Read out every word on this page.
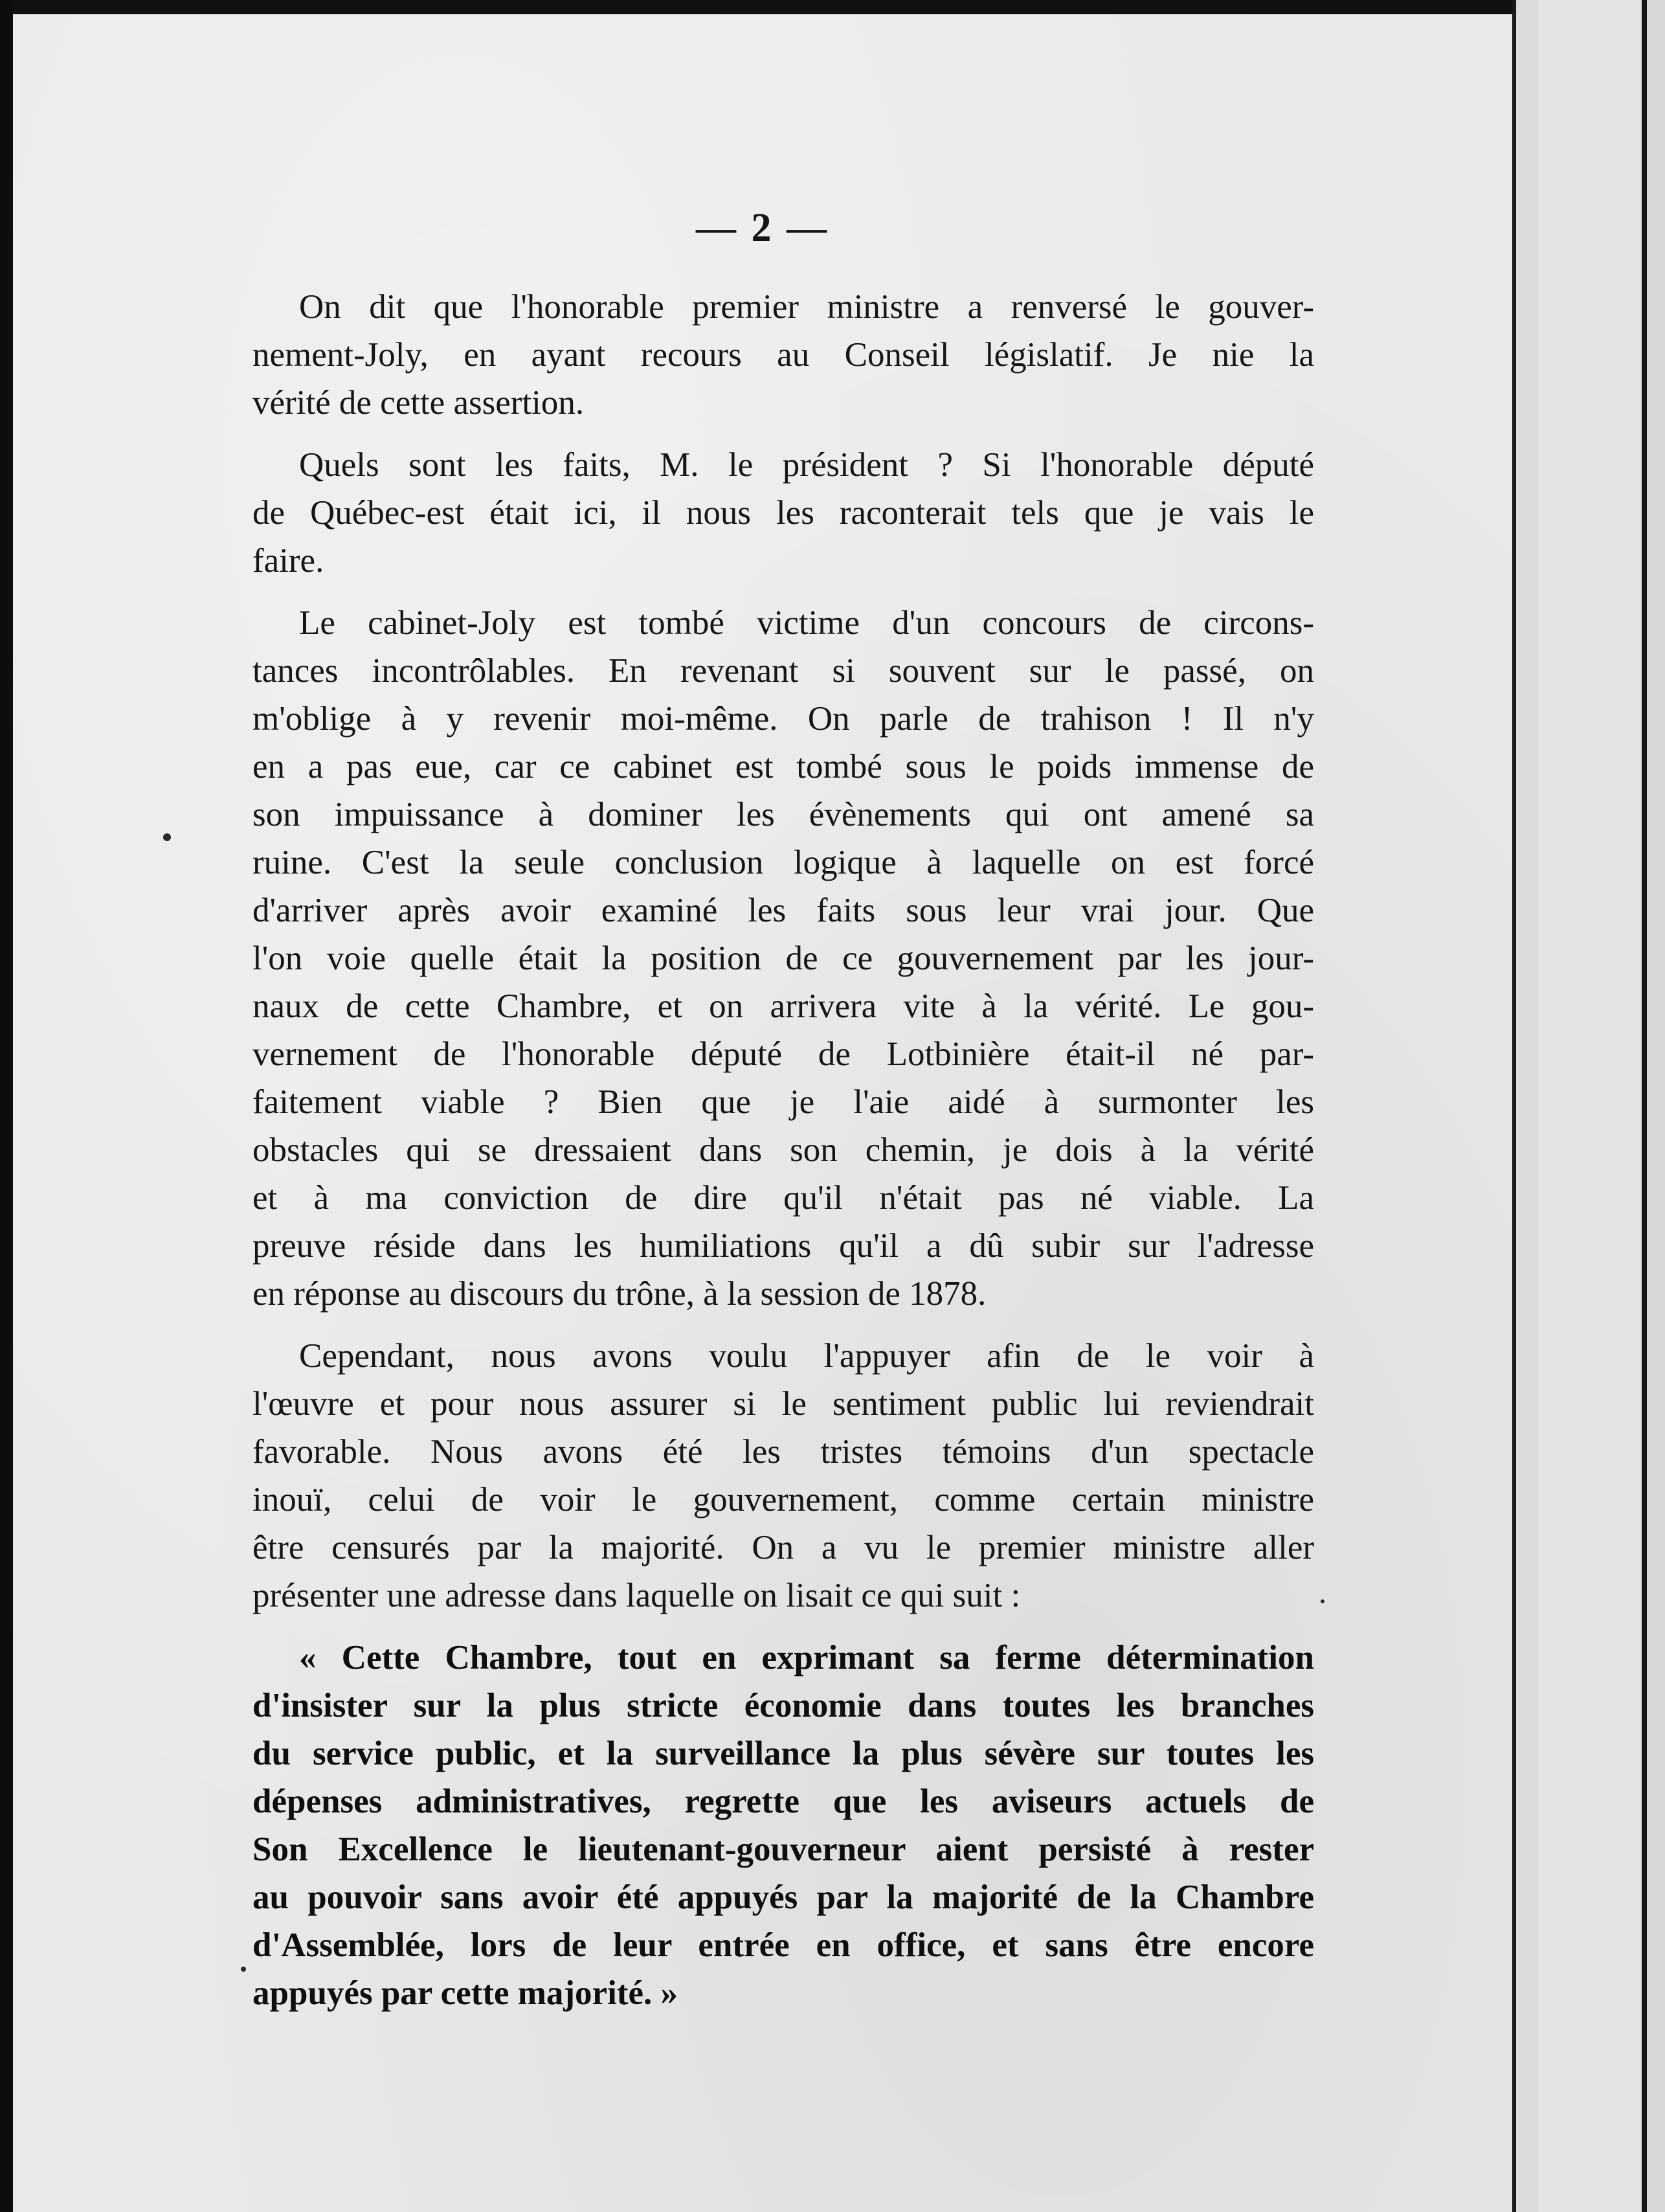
— 2 —

On dit que l'honorable premier ministre a renversé le gouver-
nement-Joly, en ayant recours au Conseil législatif. Je nie la
vérité de cette assertion.
Quels sont les faits, M. le président ? Si l'honorable député
de Québec-est était ici, il nous les raconterait tels que je vais le
faire.
Le cabinet-Joly est tombé victime d'un concours de circons-
tances incontrôlables. En revenant si souvent sur le passé, on
m'oblige à y revenir moi-même. On parle de trahison ! Il n'y
en a pas eue, car ce cabinet est tombé sous le poids immense de
son impuissance à dominer les évènements qui ont amené sa
ruine. C'est la seule conclusion logique à laquelle on est forcé
d'arriver après avoir examiné les faits sous leur vrai jour. Que
l'on voie quelle était la position de ce gouvernement par les jour-
naux de cette Chambre, et on arrivera vite à la vérité. Le gou-
vernement de l'honorable député de Lotbinière était-il né par-
faitement viable ? Bien que je l'aie aidé à surmonter les
obstacles qui se dressaient dans son chemin, je dois à la vérité
et à ma conviction de dire qu'il n'était pas né viable. La
preuve réside dans les humiliations qu'il a dû subir sur l'adresse
en réponse au discours du trône, à la session de 1878.
Cependant, nous avons voulu l'appuyer afin de le voir à
l'œuvre et pour nous assurer si le sentiment public lui reviendrait
favorable. Nous avons été les tristes témoins d'un spectacle
inouï, celui de voir le gouvernement, comme certain ministre
être censurés par la majorité. On a vu le premier ministre aller
présenter une adresse dans laquelle on lisait ce qui suit :
« Cette Chambre, tout en exprimant sa ferme détermination
d'insister sur la plus stricte économie dans toutes les branches
du service public, et la surveillance la plus sévère sur toutes les
dépenses administratives, regrette que les aviseurs actuels de
Son Excellence le lieutenant-gouverneur aient persisté à rester
au pouvoir sans avoir été appuyés par la majorité de la Chambre
d'Assemblée, lors de leur entrée en office, et sans être encore
appuyés par cette majorité. »
